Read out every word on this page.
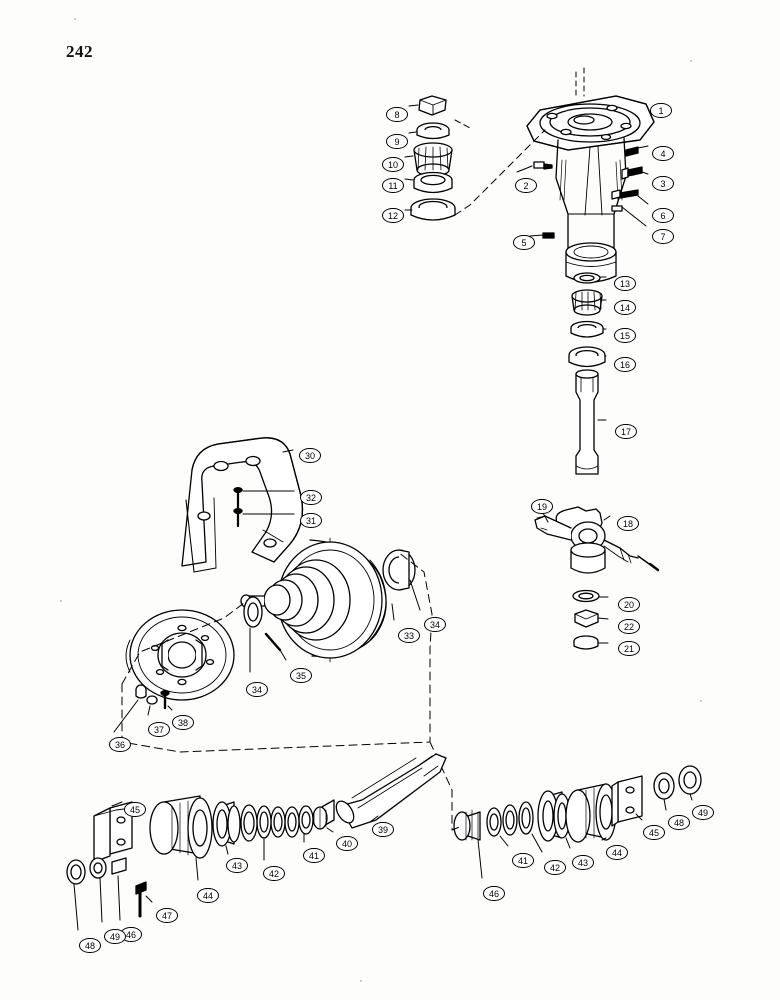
242
1
2	3
4
5
6
7
8
9
10
11
12
13
14
15
16
17
18
19
20
21
22
30
31
32
33
34
34
35
36
37
38
39
40
41
42
43
44
45
46
47
48
49
46
41
42	43
44
45
48
49
